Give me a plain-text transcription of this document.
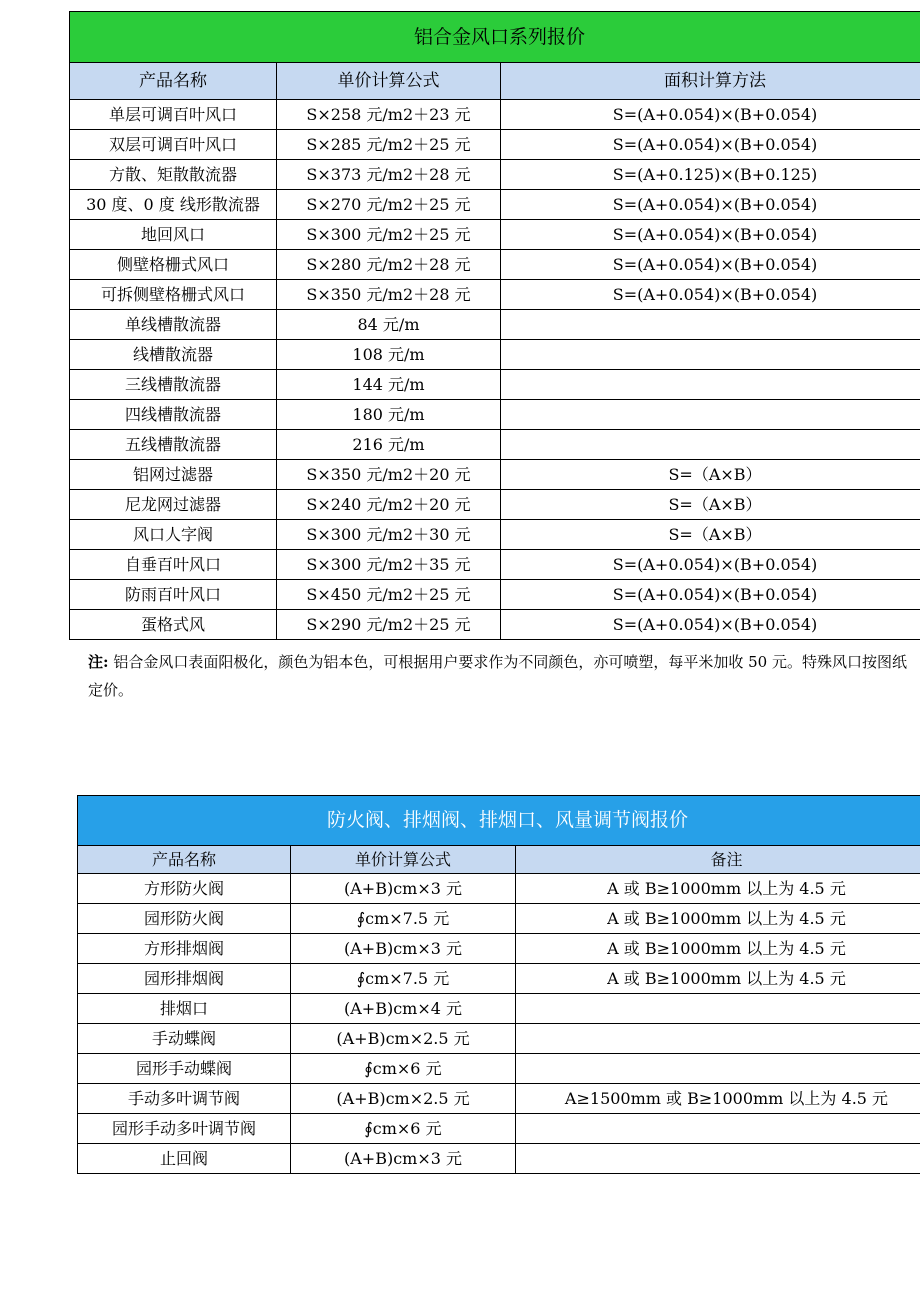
铝合金风口系列报价		
产品名称	单价计算公式	面积计算方法
单层可调百叶风口	S×258 元/m2＋23 元	S=(A+0.054)×(B+0.054)
双层可调百叶风口	S×285 元/m2＋25 元	S=(A+0.054)×(B+0.054)
方散、矩散散流器	S×373 元/m2＋28 元	S=(A+0.125)×(B+0.125)
30 度、0 度 线形散流器	S×270 元/m2＋25 元	S=(A+0.054)×(B+0.054)
地回风口	S×300 元/m2＋25 元	S=(A+0.054)×(B+0.054)
侧壁格栅式风口	S×280 元/m2＋28 元	S=(A+0.054)×(B+0.054)
可拆侧壁格栅式风口	S×350 元/m2＋28 元	S=(A+0.054)×(B+0.054)
单线槽散流器	84 元/m	
线槽散流器	108 元/m	
三线槽散流器	144 元/m	
四线槽散流器	180 元/m	
五线槽散流器	216 元/m	
铝网过滤器	S×350 元/m2＋20 元	S=（A×B）
尼龙网过滤器	S×240 元/m2＋20 元	S=（A×B）
风口人字阀	S×300 元/m2＋30 元	S=（A×B）
自垂百叶风口	S×300 元/m2＋35 元	S=(A+0.054)×(B+0.054)
防雨百叶风口	S×450 元/m2＋25 元	S=(A+0.054)×(B+0.054)
蛋格式风	S×290 元/m2＋25 元	S=(A+0.054)×(B+0.054)
注: 铝合金风口表面阳极化，颜色为铝本色，可根据用户要求作为不同颜色，亦可喷塑，每平米加收 50 元。特殊风口按图纸定价。
防火阀、排烟阀、排烟口、风量调节阀报价		
产品名称	单价计算公式	备注
方形防火阀	(A+B)cm×3 元	A 或 B≥1000mm 以上为 4.5 元
园形防火阀	∮cm×7.5 元	A 或 B≥1000mm 以上为 4.5 元
方形排烟阀	(A+B)cm×3 元	A 或 B≥1000mm 以上为 4.5 元
园形排烟阀	∮cm×7.5 元	A 或 B≥1000mm 以上为 4.5 元
排烟口	(A+B)cm×4 元	
手动蝶阀	(A+B)cm×2.5 元	
园形手动蝶阀	∮cm×6 元	
手动多叶调节阀	(A+B)cm×2.5 元	A≥1500mm 或 B≥1000mm 以上为 4.5 元
园形手动多叶调节阀	∮cm×6 元	
止回阀	(A+B)cm×3 元	
